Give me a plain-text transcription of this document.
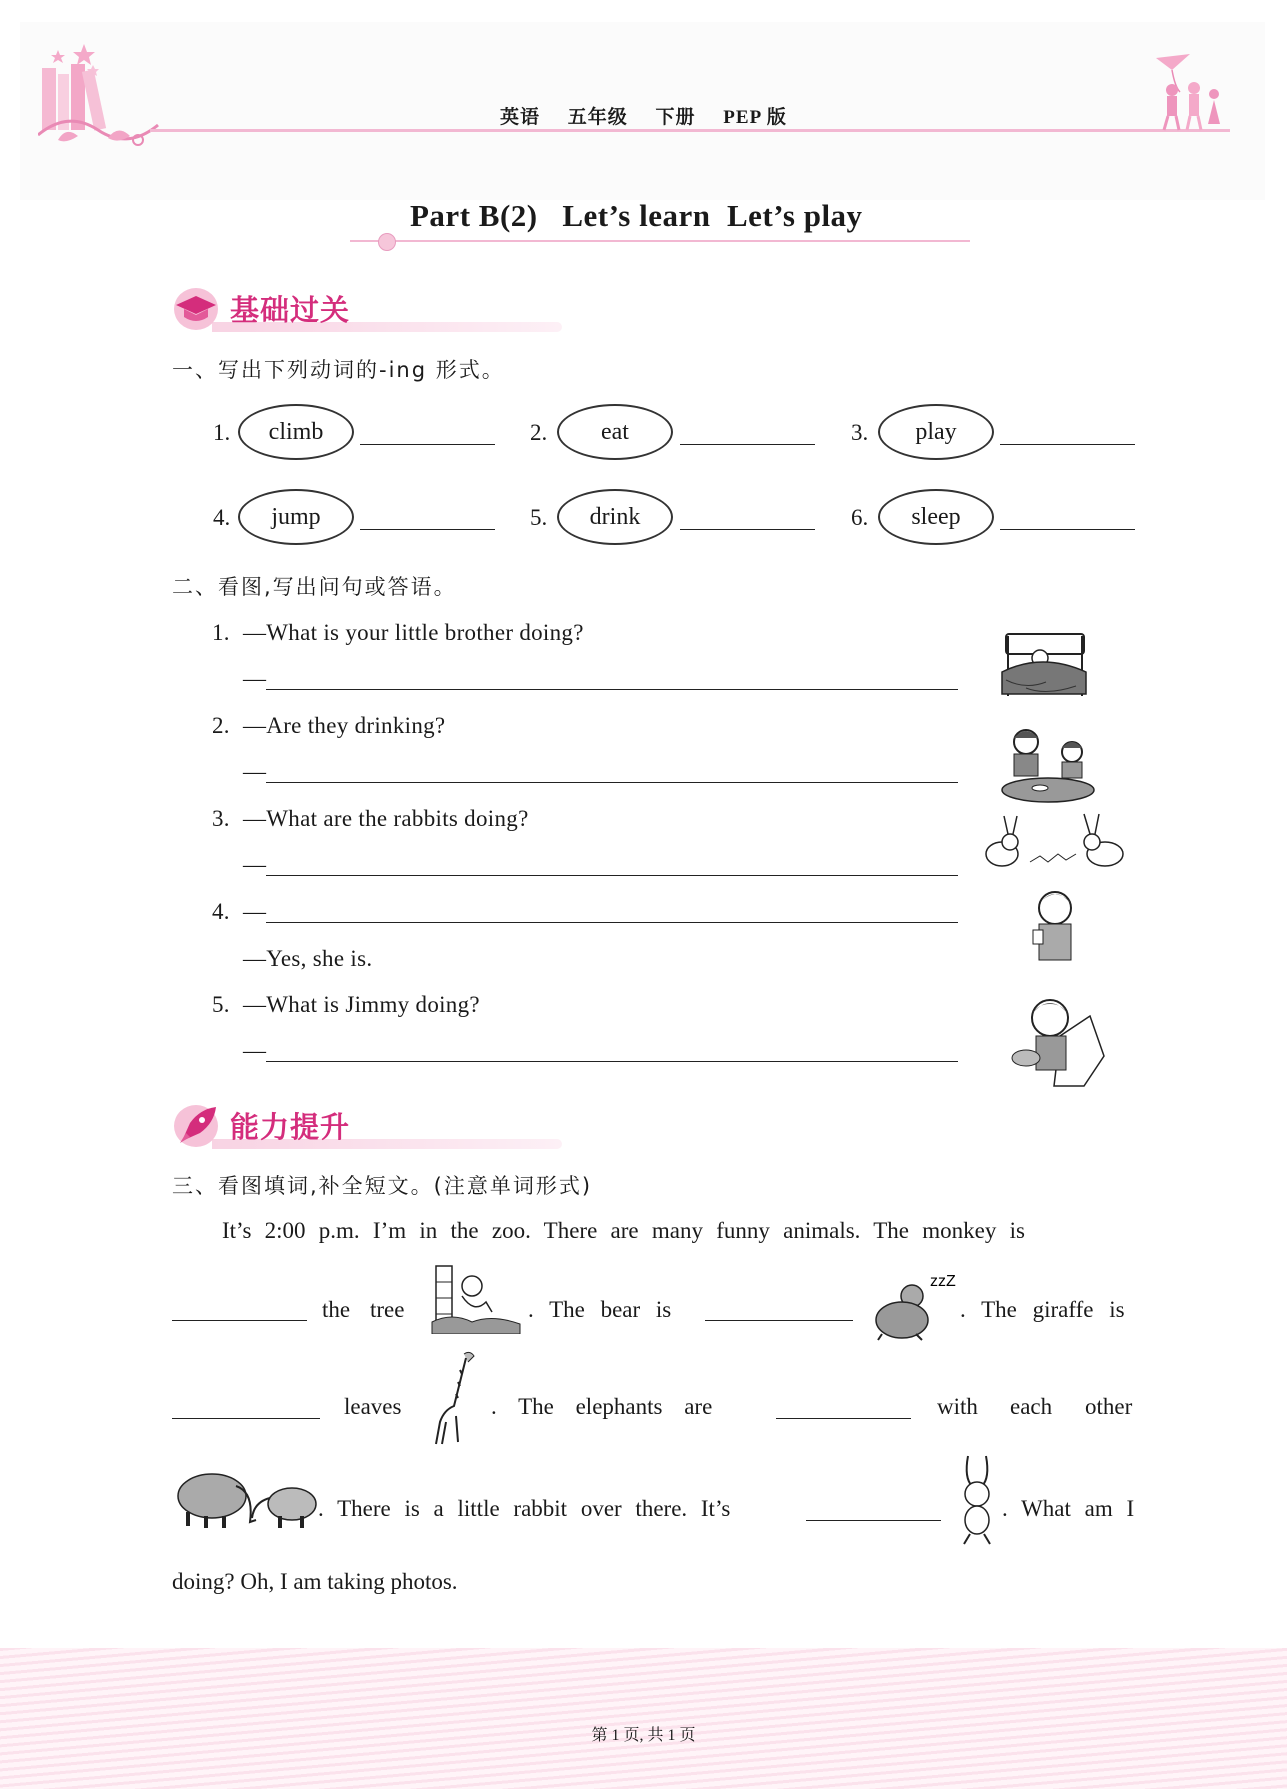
英语 五年级 下册 PEP 版
Part B(2)   Let’s learn  Let’s play
基础过关
一、写出下列动词的-ing 形式。
1.	climb	2.	eat	3.	play
4.	jump	5.	drink	6.	sleep
二、看图,写出问句或答语。
1. —What is your little brother doing?
—
2. —Are they drinking?
—
3. —What are the rabbits doing?
—
4. —
—Yes, she is.
5. —What is Jimmy doing?
—
能力提升
三、看图填词,补全短文。(注意单词形式)
It’s 2:00 p.m. I’m in the zoo. There are many funny animals. The monkey is
the tree	. The bear is
zzZ
. The giraffe is
leaves	. The elephants are	with each other
. There is a little rabbit over there. It’s	. What am I
doing? Oh, I am taking photos.
第 1 页, 共 1 页
